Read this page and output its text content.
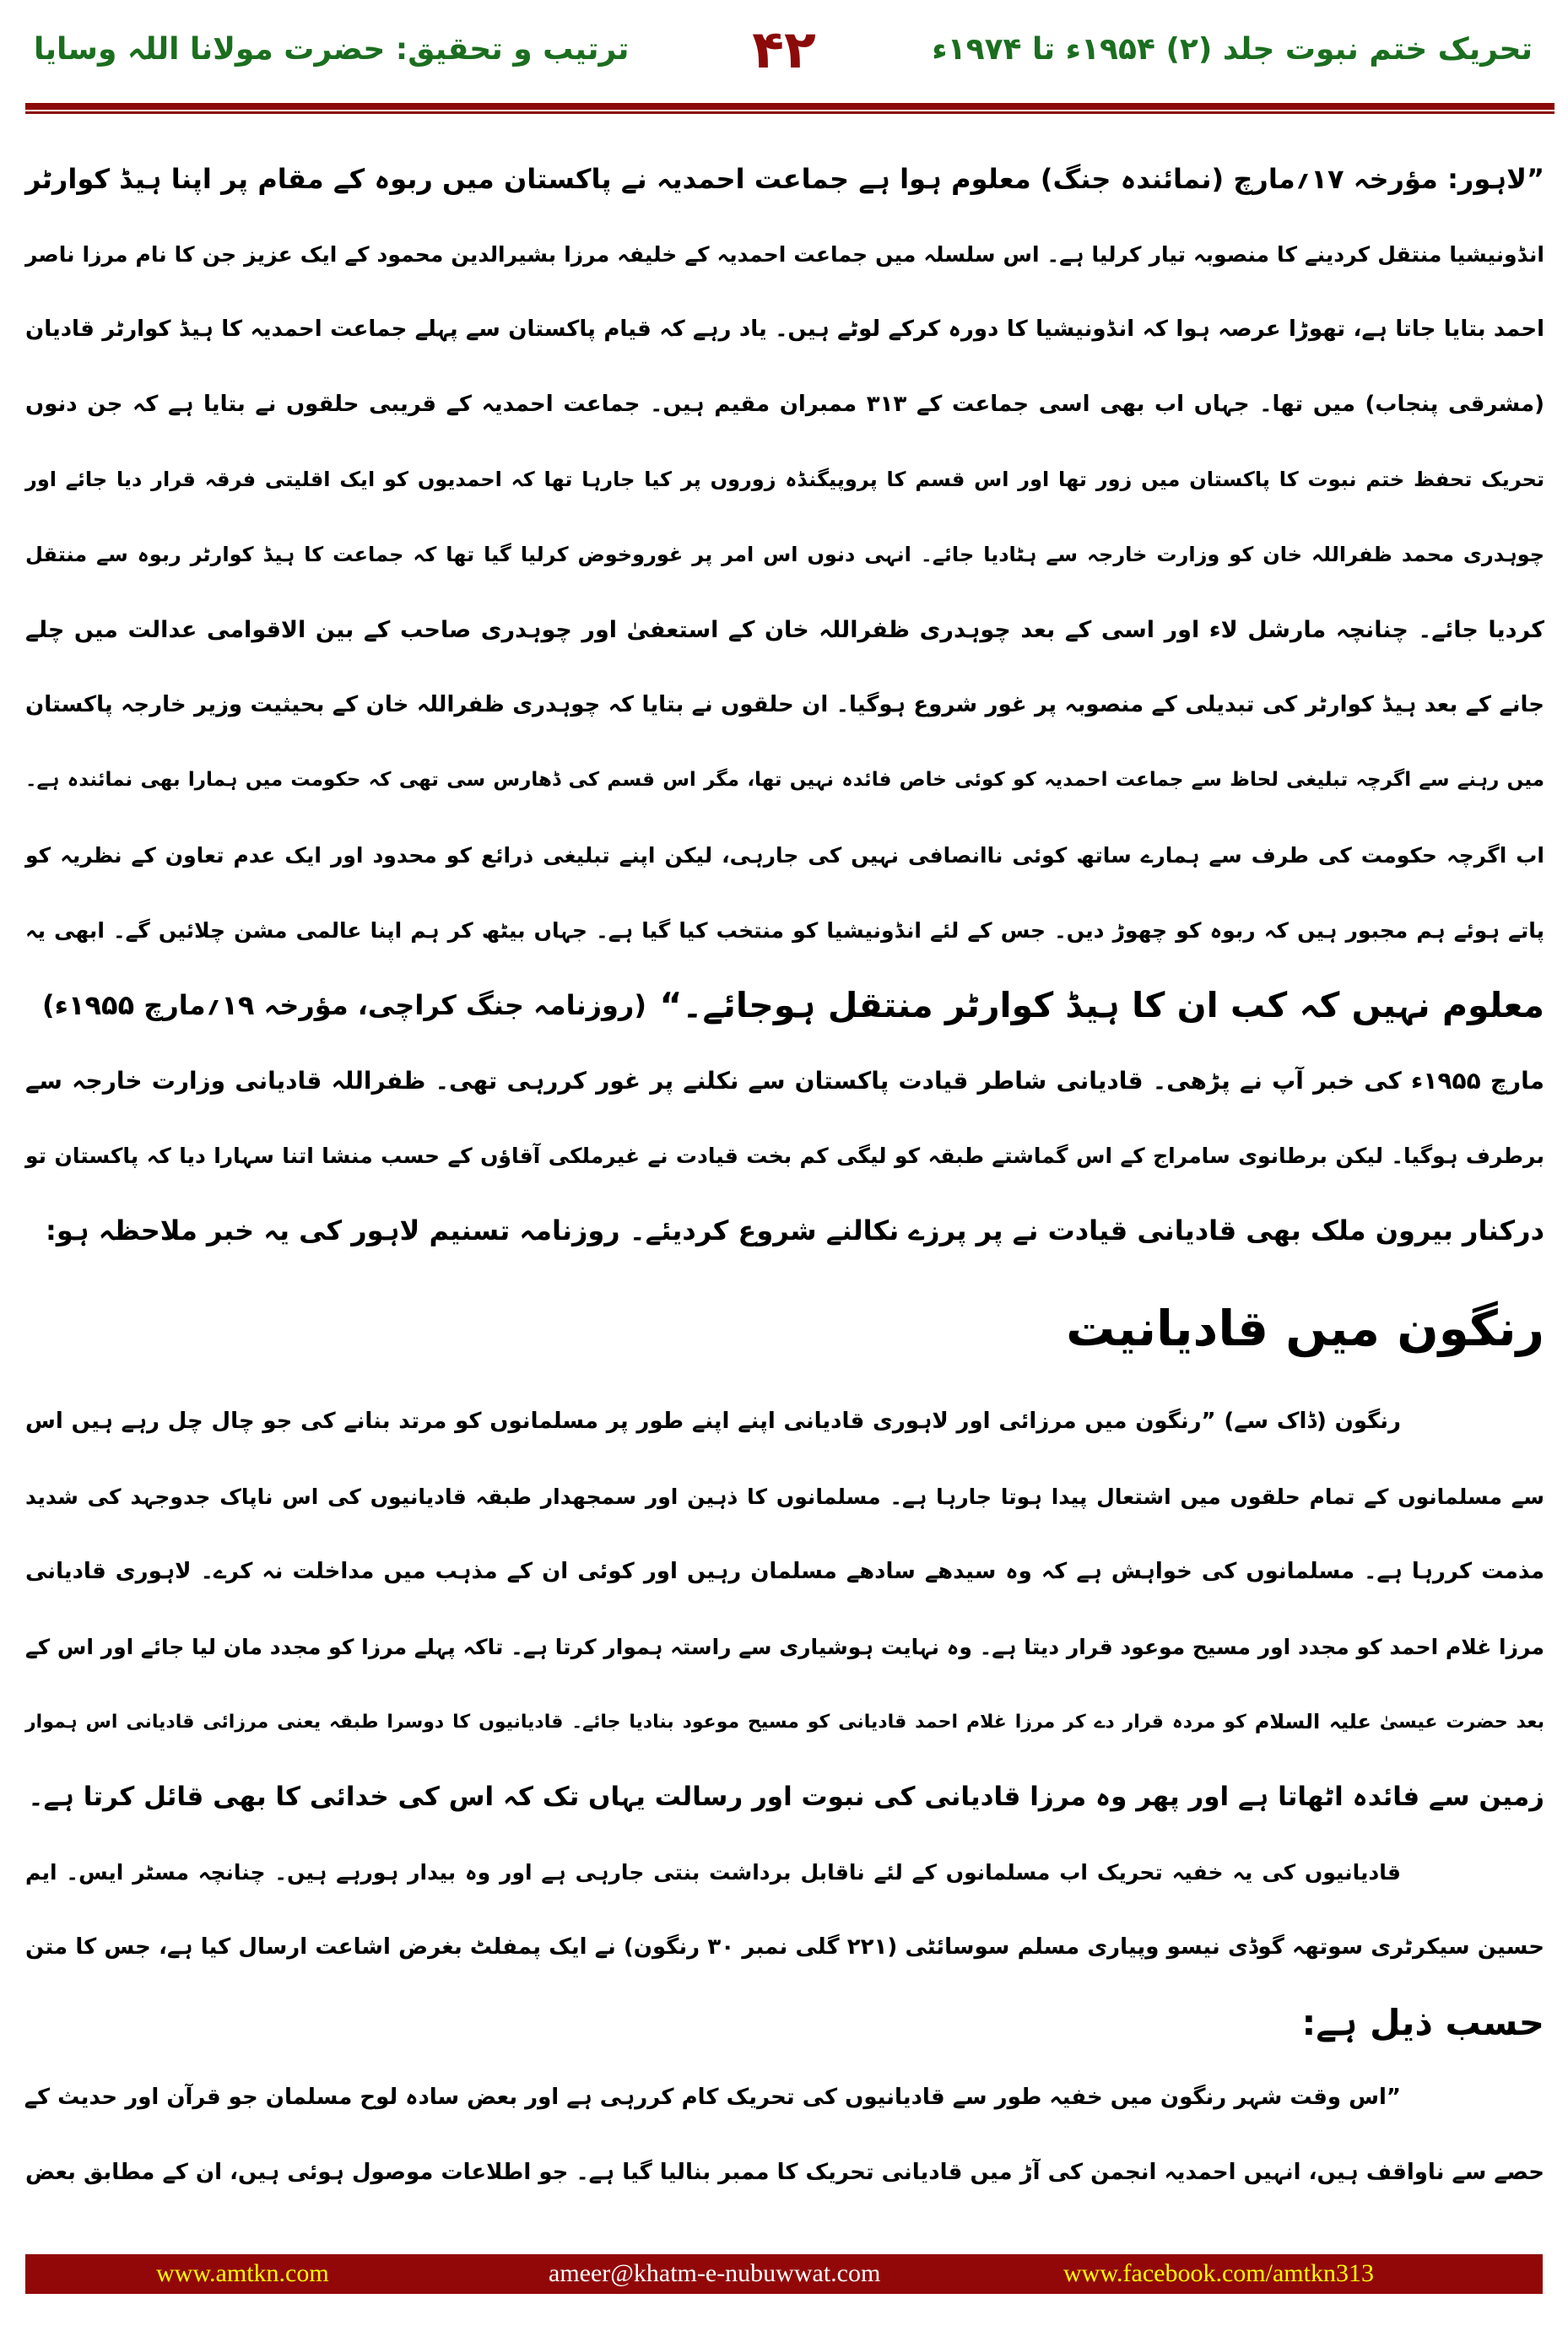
تحریک ختم نبوت جلد (۲) ۱۹۵۴ء تا ۱۹۷۴ء
۴۲
ترتیب و تحقیق: حضرت مولانا اللہ وسایا
”لاہور: مؤرخہ ۱۷؍مارچ (نمائندہ جنگ) معلوم ہوا ہے جماعت احمدیہ نے پاکستان میں ربوہ کے مقام پر اپنا ہیڈ کوارٹر
انڈونیشیا منتقل کردینے کا منصوبہ تیار کرلیا ہے۔ اس سلسلہ میں جماعت احمدیہ کے خلیفہ مرزا بشیرالدین محمود کے ایک عزیز جن کا نام مرزا ناصر
احمد بتایا جاتا ہے، تھوڑا عرصہ ہوا کہ انڈونیشیا کا دورہ کرکے لوٹے ہیں۔ یاد رہے کہ قیام پاکستان سے پہلے جماعت احمدیہ کا ہیڈ کوارٹر قادیان
(مشرقی پنجاب) میں تھا۔ جہاں اب بھی اسی جماعت کے ۳۱۳ ممبران مقیم ہیں۔ جماعت احمدیہ کے قریبی حلقوں نے بتایا ہے کہ جن دنوں
تحریک تحفظ ختم نبوت کا پاکستان میں زور تھا اور اس قسم کا پروپیگنڈہ زوروں پر کیا جارہا تھا کہ احمدیوں کو ایک اقلیتی فرقہ قرار دیا جائے اور
چوہدری محمد ظفراللہ خان کو وزارت خارجہ سے ہٹادیا جائے۔ انہی دنوں اس امر پر غوروخوض کرلیا گیا تھا کہ جماعت کا ہیڈ کوارٹر ربوہ سے منتقل
کردیا جائے۔ چنانچہ مارشل لاء اور اسی کے بعد چوہدری ظفراللہ خان کے استعفیٰ اور چوہدری صاحب کے بین الاقوامی عدالت میں چلے
جانے کے بعد ہیڈ کوارٹر کی تبدیلی کے منصوبہ پر غور شروع ہوگیا۔ ان حلقوں نے بتایا کہ چوہدری ظفراللہ خان کے بحیثیت وزیر خارجہ پاکستان
میں رہنے سے اگرچہ تبلیغی لحاظ سے جماعت احمدیہ کو کوئی خاص فائدہ نہیں تھا، مگر اس قسم کی ڈھارس سی تھی کہ حکومت میں ہمارا بھی نمائندہ ہے۔
اب اگرچہ حکومت کی طرف سے ہمارے ساتھ کوئی ناانصافی نہیں کی جارہی، لیکن اپنے تبلیغی ذرائع کو محدود اور ایک عدم تعاون کے نظریہ کو
پاتے ہوئے ہم مجبور ہیں کہ ربوہ کو چھوڑ دیں۔ جس کے لئے انڈونیشیا کو منتخب کیا گیا ہے۔ جہاں بیٹھ کر ہم اپنا عالمی مشن چلائیں گے۔ ابھی یہ
معلوم نہیں کہ کب ان کا ہیڈ کوارٹر منتقل ہوجائے۔“
(روزنامہ جنگ کراچی، مؤرخہ ۱۹؍مارچ ۱۹۵۵ء)
مارچ ۱۹۵۵ء کی خبر آپ نے پڑھی۔ قادیانی شاطر قیادت پاکستان سے نکلنے پر غور کررہی تھی۔ ظفراللہ قادیانی وزارت خارجہ سے
برطرف ہوگیا۔ لیکن برطانوی سامراج کے اس گماشتے طبقہ کو لیگی کم بخت قیادت نے غیرملکی آقاؤں کے حسب منشا اتنا سہارا دیا کہ پاکستان تو
درکنار بیرون ملک بھی قادیانی قیادت نے پر پرزے نکالنے شروع کردیئے۔ روزنامہ تسنیم لاہور کی یہ خبر ملاحظہ ہو:
رنگون میں قادیانیت
رنگون (ڈاک سے) ”رنگون میں مرزائی اور لاہوری قادیانی اپنے اپنے طور پر مسلمانوں کو مرتد بنانے کی جو چال چل رہے ہیں اس
سے مسلمانوں کے تمام حلقوں میں اشتعال پیدا ہوتا جارہا ہے۔ مسلمانوں کا ذہین اور سمجھدار طبقہ قادیانیوں کی اس ناپاک جدوجہد کی شدید
مذمت کررہا ہے۔ مسلمانوں کی خواہش ہے کہ وہ سیدھے سادھے مسلمان رہیں اور کوئی ان کے مذہب میں مداخلت نہ کرے۔ لاہوری قادیانی
مرزا غلام احمد کو مجدد اور مسیح موعود قرار دیتا ہے۔ وہ نہایت ہوشیاری سے راستہ ہموار کرتا ہے۔ تاکہ پہلے مرزا کو مجدد مان لیا جائے اور اس کے
بعد حضرت عیسیٰ علیہ السلام کو مردہ قرار دے کر مرزا غلام احمد قادیانی کو مسیح موعود بنادیا جائے۔ قادیانیوں کا دوسرا طبقہ یعنی مرزائی قادیانی اس ہموار
زمین سے فائدہ اٹھاتا ہے اور پھر وہ مرزا قادیانی کی نبوت اور رسالت یہاں تک کہ اس کی خدائی کا بھی قائل کرتا ہے۔
قادیانیوں کی یہ خفیہ تحریک اب مسلمانوں کے لئے ناقابل برداشت بنتی جارہی ہے اور وہ بیدار ہورہے ہیں۔ چنانچہ مسٹر ایس۔ ایم
حسین سیکرٹری سوتھہ گوڈی نیسو وپیاری مسلم سوسائٹی (۲۲۱ گلی نمبر ۳۰ رنگون) نے ایک پمفلٹ بغرض اشاعت ارسال کیا ہے، جس کا متن
حسب ذیل ہے:
”اس وقت شہر رنگون میں خفیہ طور سے قادیانیوں کی تحریک کام کررہی ہے اور بعض سادہ لوح مسلمان جو قرآن اور حدیث کے
حصے سے ناواقف ہیں، انہیں احمدیہ انجمن کی آڑ میں قادیانی تحریک کا ممبر بنالیا گیا ہے۔ جو اطلاعات موصول ہوئی ہیں، ان کے مطابق بعض
www.amtkn.com	ameer@khatm-e-nubuwwat.com	www.facebook.com/amtkn313
